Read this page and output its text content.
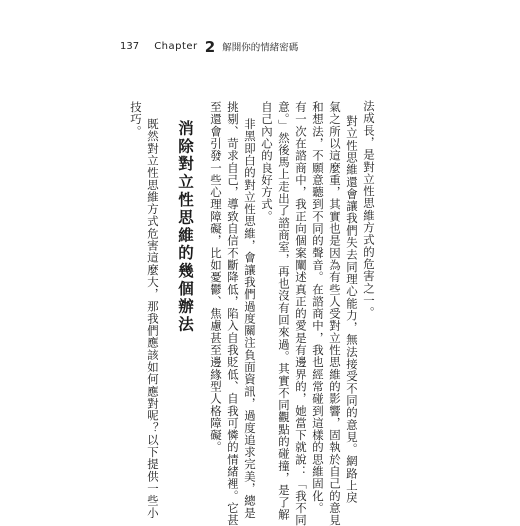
137 Chapter 2 解開你的情緒密碼
法成長，是對立性思維方式的危害之一。
對立性思維還會讓我們失去同理心能力，無法接受不同的意見。網路上戾
氣之所以這麼重，其實也是因為有些人受對立性思維的影響，固執於自己的意見
和想法，不願意聽到不同的聲音。在諮商中，我也經常碰到這樣的思維固化。
有一次在諮商中，我正向個案闡述真正的愛是有邊界的，她當下就說：「我不同
意。」然後馬上走出了諮商室，再也沒有回來過。其實不同觀點的碰撞，是了解
自己內心的良好方式。
非黑即白的對立性思維，會讓我們過度關注負面資訊，過度追求完美，總是
挑剔、苛求自己，導致自信不斷降低，陷入自我貶低、自我可憐的情緒裡。它甚
至還會引發一些心理障礙，比如憂鬱、焦慮甚至邊緣型人格障礙。
消除對立性思維的幾個辦法
既然對立性思維方式危害這麼大，那我們應該如何應對呢？以下提供一些小
技巧。
